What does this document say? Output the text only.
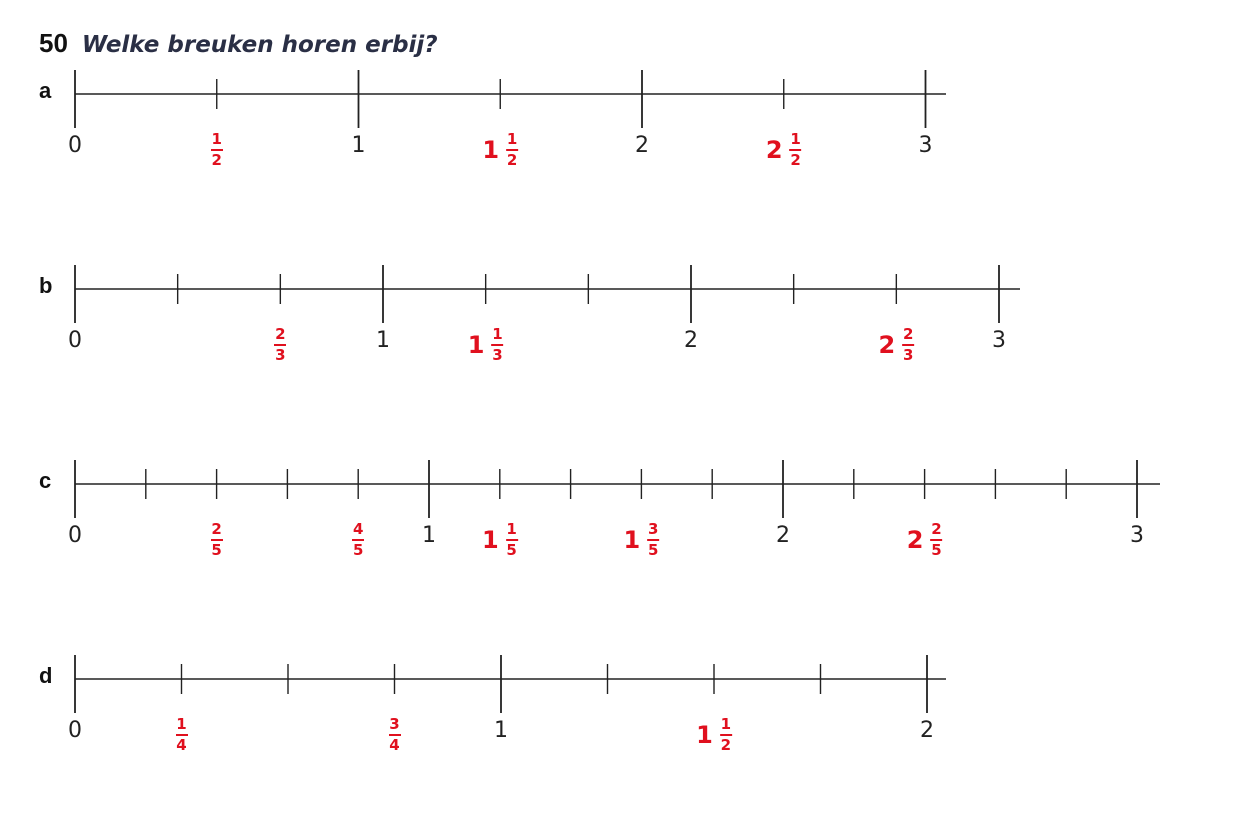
50 Welke breuken horen erbij?
a
b
c
d
0	1	2	3
$\frac{1}{2}$	$1 \frac{1}{2}$	$2 \frac{1}{2}$
0	1	2	3
$\frac{2}{3}$	$1 \frac{1}{3}$	$2 \frac{2}{3}$
0	1	2	3
$\frac{2}{5}$	$\frac{4}{5}$	$1 \frac{1}{5}$	$1 \frac{3}{5}$	$2 \frac{2}{5}$
0	1	2
$\frac{1}{4}$	$\frac{3}{4}$	$1 \frac{1}{2}$
